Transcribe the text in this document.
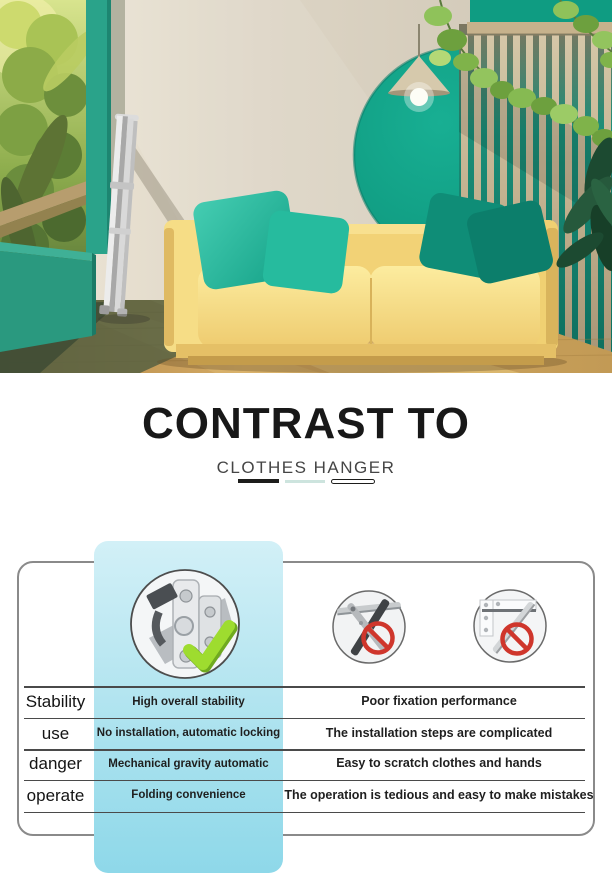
CONTRAST TO
CLOTHES HANGER
Stability	High overall stability	Poor fixation performance
use	No installation, automatic locking	The installation steps are complicated
danger	Mechanical gravity automatic	Easy to scratch clothes and hands
operate	Folding convenience	The operation is tedious and easy to make mistakes
